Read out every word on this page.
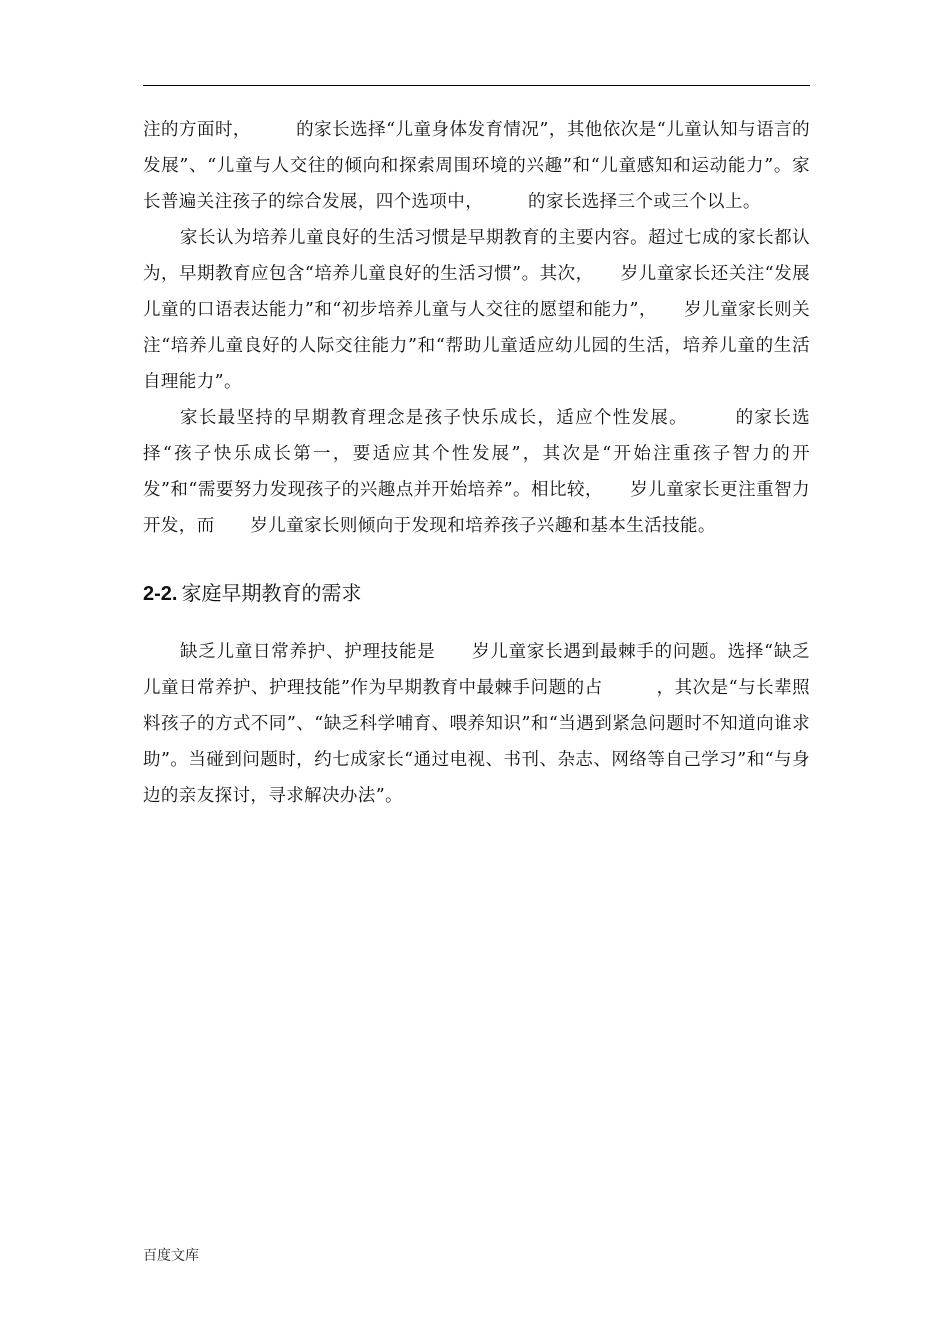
注的方面时，　　　的家长选择“儿童身体发育情况”，其他依次是“儿童认知与语言的发展”、“儿童与人交往的倾向和探索周围环境的兴趣”和“儿童感知和运动能力”。家长普遍关注孩子的综合发展，四个选项中，　　　的家长选择三个或三个以上。

家长认为培养儿童良好的生活习惯是早期教育的主要内容。超过七成的家长都认为，早期教育应包含“培养儿童良好的生活习惯”。其次，　　岁儿童家长还关注“发展儿童的口语表达能力”和“初步培养儿童与人交往的愿望和能力”，　　岁儿童家长则关注“培养儿童良好的人际交往能力”和“帮助儿童适应幼儿园的生活，培养儿童的生活自理能力”。

家长最坚持的早期教育理念是孩子快乐成长，适应个性发展。　　　的家长选择“孩子快乐成长第一，要适应其个性发展”，其次是“开始注重孩子智力的开发”和“需要努力发现孩子的兴趣点并开始培养”。相比较，　　岁儿童家长更注重智力开发，而　　岁儿童家长则倾向于发现和培养孩子兴趣和基本生活技能。

2-2. 家庭早期教育的需求

缺乏儿童日常养护、护理技能是　　岁儿童家长遇到最棘手的问题。选择“缺乏儿童日常养护、护理技能”作为早期教育中最棘手问题的占　　　，其次是“与长辈照料孩子的方式不同”、“缺乏科学哺育、喂养知识”和“当遇到紧急问题时不知道向谁求助”。当碰到问题时，约七成家长“通过电视、书刊、杂志、网络等自己学习”和“与身边的亲友探讨，寻求解决办法”。

百度文库
